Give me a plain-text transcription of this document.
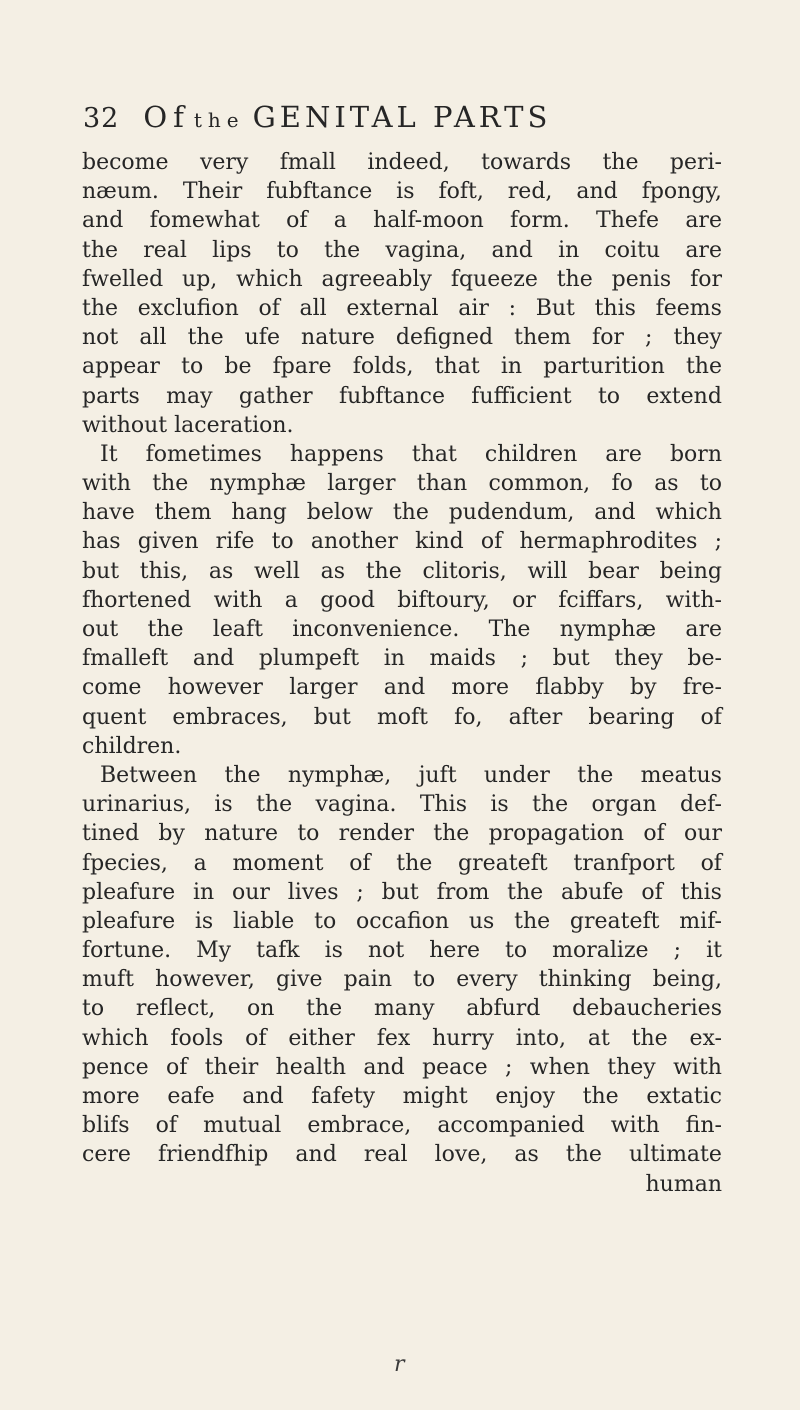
32 Of the GENITAL PARTS
become very fmall indeed, towards the peri-
næum. Their fubftance is foft, red, and fpongy,
and fomewhat of a half-moon form. Thefe are
the real lips to the vagina, and in coitu are
fwelled up, which agreeably fqueeze the penis for
the exclufion of all external air : But this feems
not all the ufe nature defigned them for ; they
appear to be fpare folds, that in parturition the
parts may gather fubftance fufficient to extend
without laceration.
It fometimes happens that children are born
with the nymphæ larger than common, fo as to
have them hang below the pudendum, and which
has given rife to another kind of hermaphrodites ;
but this, as well as the clitoris, will bear being
fhortened with a good biftoury, or fciffars, with-
out the leaft inconvenience. The nymphæ are
fmalleft and plumpeft in maids ; but they be-
come however larger and more flabby by fre-
quent embraces, but moft fo, after bearing of
children.
Between the nymphæ, juft under the meatus
urinarius, is the vagina. This is the organ def-
tined by nature to render the propagation of our
fpecies, a moment of the greateft tranfport of
pleafure in our lives ; but from the abufe of this
pleafure is liable to occafion us the greateft mif-
fortune. My tafk is not here to moralize ; it
muft however, give pain to every thinking being,
to reflect, on the many abfurd debaucheries
which fools of either fex hurry into, at the ex-
pence of their health and peace ; when they with
more eafe and fafety might enjoy the extatic
blifs of mutual embrace, accompanied with fin-
cere friendfhip and real love, as the ultimate
human
r
